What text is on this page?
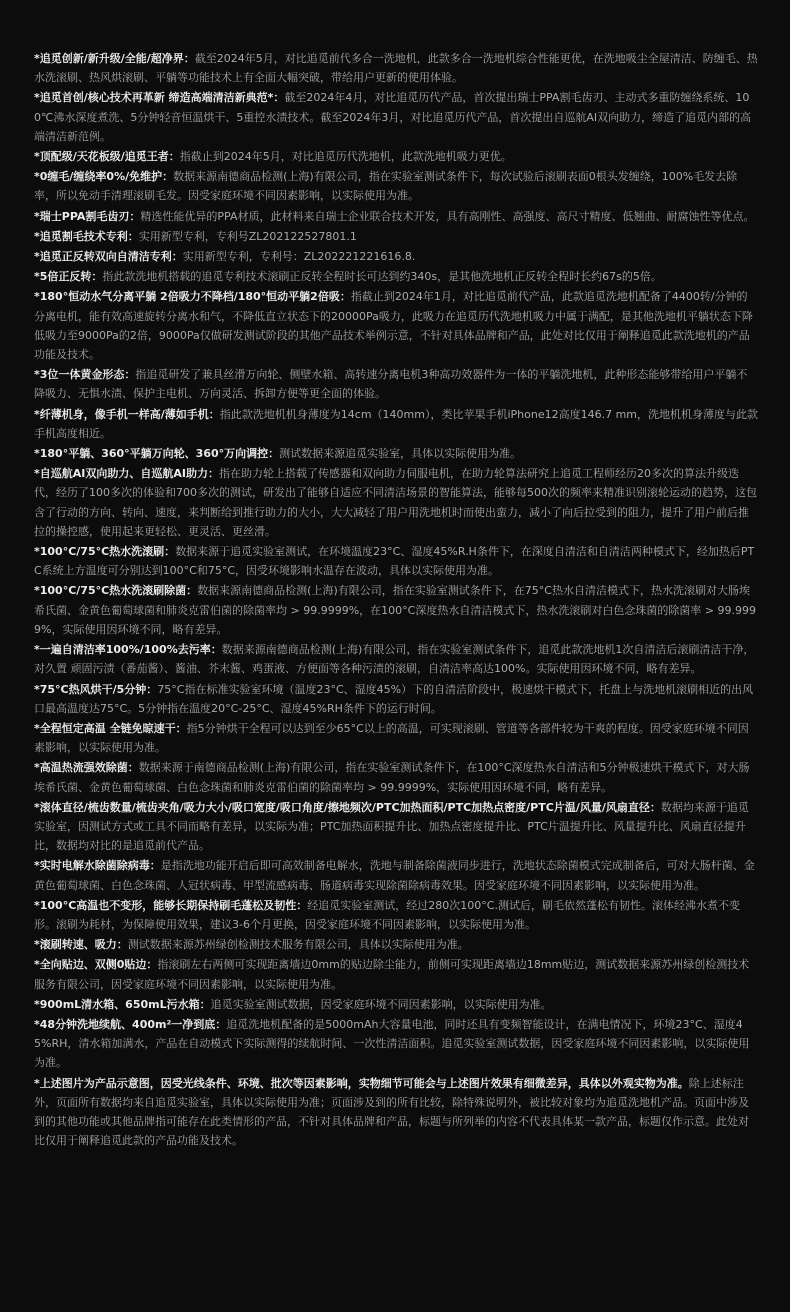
*追觅创新/新升级/全能/超净界：截至2024年5月，对比追觅前代多合一洗地机，此款多合一洗地机综合性能更优，在洗地吸尘全屋清洁、防缠毛、热水洗滚刷、热风烘滚刷、平躺等功能技术上有全面大幅突破，带给用户更新的使用体验。

*追觅首创/核心技术再革新 缔造高端清洁新典范*：截至2024年4月，对比追觅历代产品，首次提出瑞士PPA割毛齿刃、主动式多重防缠绕系统、100℃沸水深度煮洗、5分钟轻音恒温烘干、5重控水渍技术。截至2024年3月，对比追觅历代产品，首次提出自巡航AI双向助力，缔造了追觅内部的高端清洁新范例。

*顶配级/天花板级/追觅王者：指截止到2024年5月，对比追觅历代洗地机，此款洗地机吸力更优。

*0缠毛/缠绕率0%/免维护：数据来源南德商品检测(上海)有限公司，指在实验室测试条件下，每次试验后滚刷表面0根头发缠绕，100%毛发去除率，所以免动手清理滚刷毛发。因受家庭环境不同因素影响，以实际使用为准。

*瑞士PPA割毛齿刃：精选性能优异的PPA材质，此材料来自瑞士企业联合技术开发，具有高刚性、高强度、高尺寸精度、低翘曲、耐腐蚀性等优点。

*追觅割毛技术专利：实用新型专利，专利号ZL202122527801.1

*追觅正反转双向自清洁专利：实用新型专利，专利号：ZL202221221616.8.

*5倍正反转：指此款洗地机搭载的追觅专利技术滚刷正反转全程时长可达到约340s，是其他洗地机正反转全程时长约67s的5倍。

*180°恒动水气分离平躺 2倍吸力不降档/180°恒动平躺2倍吸：指截止到2024年1月，对比追觅前代产品，此款追觅洗地机配备了4400转/分钟的分离电机，能有效高速旋转分离水和气，不降低直立状态下的20000Pa吸力，此吸力在追觅历代洗地机吸力中属于满配，是其他洗地机平躺状态下降低吸力至9000Pa的2倍，9000Pa仅做研发测试阶段的其他产品技术举例示意，不针对具体品牌和产品，此处对比仅用于阐释追觅此款洗地机的产品功能及技术。

*3位一体黄金形态：指追觅研发了兼具丝滑万向轮、侧壁水箱、高转速分离电机3种高功效器件为一体的平躺洗地机，此种形态能够带给用户平躺不降吸力、无惧水渍、保护主电机、万向灵活、拆卸方便等更全面的体验。

*纤薄机身，像手机一样高/薄如手机：指此款洗地机机身薄度为14cm（140mm），类比苹果手机iPhone12高度146.7 mm，洗地机机身薄度与此款手机高度相近。

*180°平躺、360°平躺万向轮、360°万向调控：测试数据来源追觅实验室，具体以实际使用为准。

*自巡航AI双向助力、自巡航AI助力：指在助力轮上搭载了传感器和双向助力伺服电机，在助力轮算法研究上追觅工程师经历20多次的算法升级迭代，经历了100多次的体验和700多次的测试，研发出了能够自适应不同清洁场景的智能算法，能够每500次的频率来精准识别滚轮运动的趋势，这包含了行动的方向、转向、速度，来判断给到推行助力的大小，大大减轻了用户用洗地机时而使出蛮力，减小了向后拉受到的阻力，提升了用户前后推拉的操控感，使用起来更轻松、更灵活、更丝滑。

*100°C/75°C热水洗滚刷：数据来源于追觅实验室测试，在环境温度23°C、湿度45%R.H条件下，在深度自清洁和自清洁两种模式下，经加热后PTC系统上方温度可分别达到100°C和75°C，因受环境影响水温存在波动，具体以实际使用为准。

*100°C/75°C热水洗滚刷除菌：数据来源南德商品检测(上海)有限公司，指在实验室测试条件下，在75°C热水自清洁模式下，热水洗滚刷对大肠埃希氏菌、金黄色葡萄球菌和肺炎克雷伯菌的除菌率均 > 99.9999%，在100°C深度热水自清洁模式下，热水洗滚刷对白色念珠菌的除菌率 > 99.9999%，实际使用因环境不同，略有差异。

*一遍自清洁率100%/100%去污率：数据来源南德商品检测(上海)有限公司，指在实验室测试条件下，追觅此款洗地机1次自清洁后滚刷清洁干净，对久置 顽固污渍（番茄酱）、酱油、芥末酱、鸡蛋液、方便面等各种污渍的滚刷，自清洁率高达100%。实际使用因环境不同，略有差异。

*75°C热风烘干/5分钟：75°C指在标准实验室环境（温度23°C、湿度45%）下的自清洁阶段中，极速烘干模式下，托盘上与洗地机滚刷相近的出风口最高温度达75°C。5分钟指在温度20°C-25°C、湿度45%RH条件下的运行时间。

*全程恒定高温 全链免晾速干：指5分钟烘干全程可以达到至少65°C以上的高温，可实现滚刷、管道等各部件较为干爽的程度。因受家庭环境不同因素影响，以实际使用为准。

*高温热流强效除菌：数据来源于南德商品检测(上海)有限公司，指在实验室测试条件下，在100°C深度热水自清洁和5分钟极速烘干模式下，对大肠埃希氏菌、金黄色葡萄球菌、白色念珠菌和肺炎克雷伯菌的除菌率均 > 99.9999%，实际使用因环境不同，略有差异。

*滚体直径/梳齿数量/梳齿夹角/吸力大小/吸口宽度/吸口角度/擦地频次/PTC加热面积/PTC加热点密度/PTC片温/风量/风扇直径：数据均来源于追觅实验室，因测试方式或工具不同而略有差异，以实际为准；PTC加热面积提升比、加热点密度提升比、PTC片温提升比、风量提升比、风扇直径提升比，数据均对比的是追觅前代产品。

*实时电解水除菌除病毒：是指洗地功能开启后即可高效制备电解水，洗地与制备除菌液同步进行，洗地状态除菌模式完成制备后，可对大肠杆菌、金黄色葡萄球菌、白色念珠菌、人冠状病毒、甲型流感病毒、肠道病毒实现除菌除病毒效果。因受家庭环境不同因素影响，以实际使用为准。

*100°C高温也不变形，能够长期保持刷毛蓬松及韧性：经追觅实验室测试，经过280次100°C.测试后，刷毛依然蓬松有韧性。滚体经沸水煮不变形。滚刷为耗材，为保障使用效果，建议3-6个月更换，因受家庭环境不同因素影响，以实际使用为准。

*滚刷转速、吸力：测试数据来源苏州绿创检测技术服务有限公司，具体以实际使用为准。

*全向贴边、双侧0贴边：指滚刷左右两侧可实现距离墙边0mm的贴边除尘能力，前侧可实现距离墙边18mm贴边，测试数据来源苏州绿创检测技术服务有限公司，因受家庭环境不同因素影响，以实际使用为准。

*900mL清水箱、650mL污水箱：追觅实验室测试数据，因受家庭环境不同因素影响，以实际使用为准。

*48分钟洗地续航、400m²一净到底：追觅洗地机配备的是5000mAh大容量电池，同时还具有变频智能设计，在满电情况下，环境23°C、湿度45%RH，清水箱加满水，产品在自动模式下实际测得的续航时间、一次性清洁面积。追觅实验室测试数据，因受家庭环境不同因素影响，以实际使用为准。

*上述图片为产品示意图，因受光线条件、环境、批次等因素影响，实物细节可能会与上述图片效果有细微差异，具体以外观实物为准。除上述标注外，页面所有数据均来自追觅实验室，具体以实际使用为准；页面涉及到的所有比较，除特殊说明外，被比较对象均为追觅洗地机产品。页面中涉及到的其他功能或其他品牌指可能存在此类情形的产品，不针对具体品牌和产品，标题与所列举的内容不代表具体某一款产品，标题仅作示意。此处对比仅用于阐释追觅此款的产品功能及技术。
